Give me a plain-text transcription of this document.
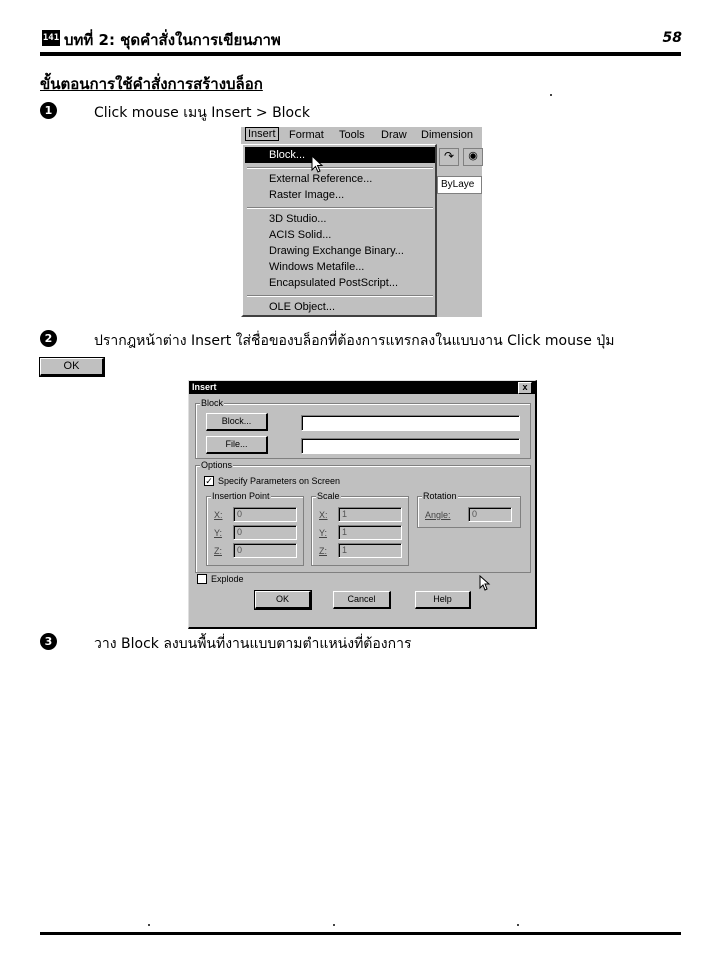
141 บทที่ 2: ชุดคำสั่งในการเขียนภาพ	58
ขั้นตอนการใช้คำสั่งการสร้างบล็อก
1	Click mouse เมนู Insert > Block
Insert Format Tools Draw Dimension
↷	◉
ByLaye
Block...
External Reference...
Raster Image...
3D Studio...
ACIS Solid...
Drawing Exchange Binary...
Windows Metafile...
Encapsulated PostScript...
OLE Object...
2	ปรากฎหน้าต่าง Insert ใส่ชื่อของบล็อกที่ต้องการแทรกลงในแบบงาน Click mouse ปุ่ม
OK
Insert	x
Block
Block...
File...
Options
✓ Specify Parameters on Screen
Insertion Point
X:	0
Y:	0
Z:	0
Scale
X:	1
Y:	1
Z:	1
Rotation
Angle:	0
Explode
OK	Cancel	Help
3	วาง Block ลงบนพื้นที่งานแบบตามตำแหน่งที่ต้องการ
